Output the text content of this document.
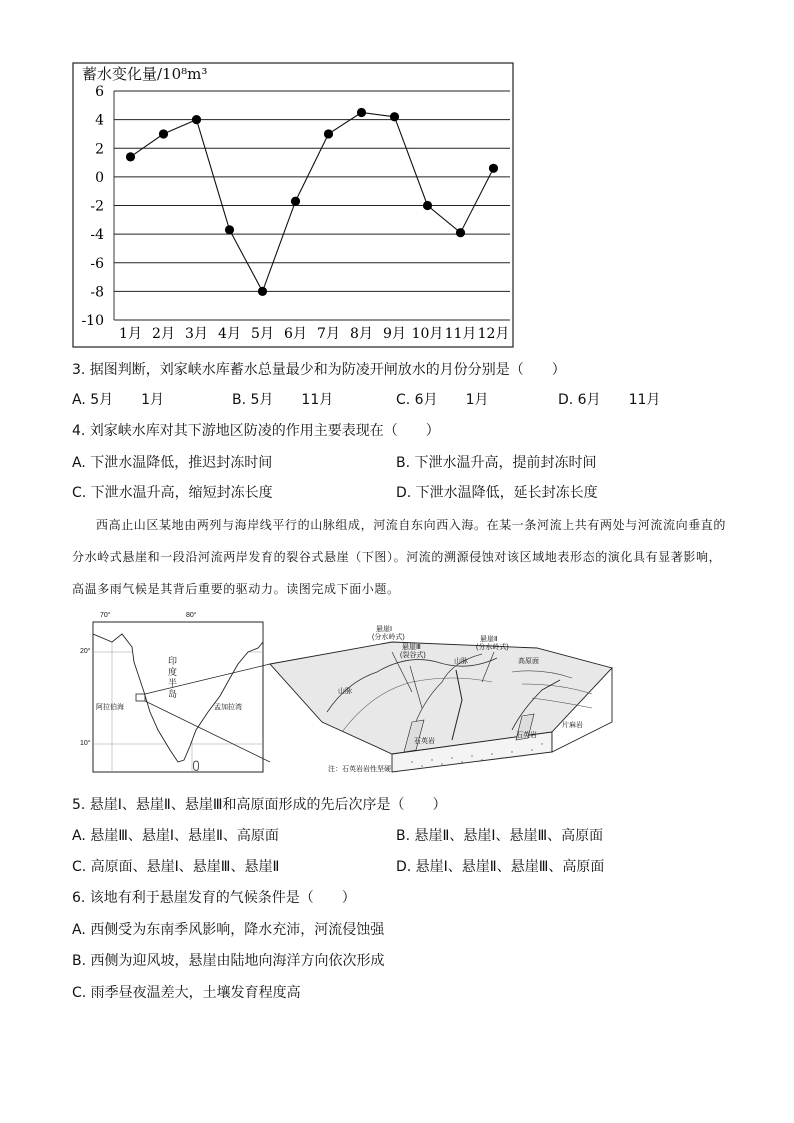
蓄水变化量/10⁸m³
6
4
2
0
-2
-4
-6
-8
-10
1月 2月 3月 4月 5月 6月 7月 8月 9月 10月 11月 12月
3. 据图判断，刘家峡水库蓄水总量最少和为防凌开闸放水的月份分别是（　　）
A. 5月　　1月	B. 5月　　11月	C. 6月　　1月	D. 6月　　11月
4. 刘家峡水库对其下游地区防凌的作用主要表现在（　　）
A. 下泄水温降低，推迟封冻时间	B. 下泄水温升高，提前封冻时间
C. 下泄水温升高，缩短封冻长度	D. 下泄水温降低，延长封冻长度
西高止山区某地由两列与海岸线平行的山脉组成，河流自东向西入海。在某一条河流上共有两处与河流流向垂直的分水岭式悬崖和一段沿河流两岸发育的裂谷式悬崖（下图）。河流的溯源侵蚀对该区域地表形态的演化具有显著影响，高温多雨气候是其背后重要的驱动力。读图完成下面小题。
70°	80°
20°
10°
印度半岛
阿拉伯海	孟加拉湾
悬崖Ⅰ
(分水岭式)
悬崖Ⅲ
(裂谷式)
悬崖Ⅱ
(分水岭式)
高原面
山脉
山脉
片麻岩
石英岩
石英岩
注：石英岩岩性坚硬
5. 悬崖Ⅰ、悬崖Ⅱ、悬崖Ⅲ和高原面形成的先后次序是（　　）
A. 悬崖Ⅲ、悬崖Ⅰ、悬崖Ⅱ、高原面	B. 悬崖Ⅱ、悬崖Ⅰ、悬崖Ⅲ、高原面
C. 高原面、悬崖Ⅰ、悬崖Ⅲ、悬崖Ⅱ	D. 悬崖Ⅰ、悬崖Ⅱ、悬崖Ⅲ、高原面
6. 该地有利于悬崖发育的气候条件是（　　）
A. 西侧受为东南季风影响，降水充沛，河流侵蚀强
B. 西侧为迎风坡，悬崖由陆地向海洋方向依次形成
C. 雨季昼夜温差大，土壤发育程度高
